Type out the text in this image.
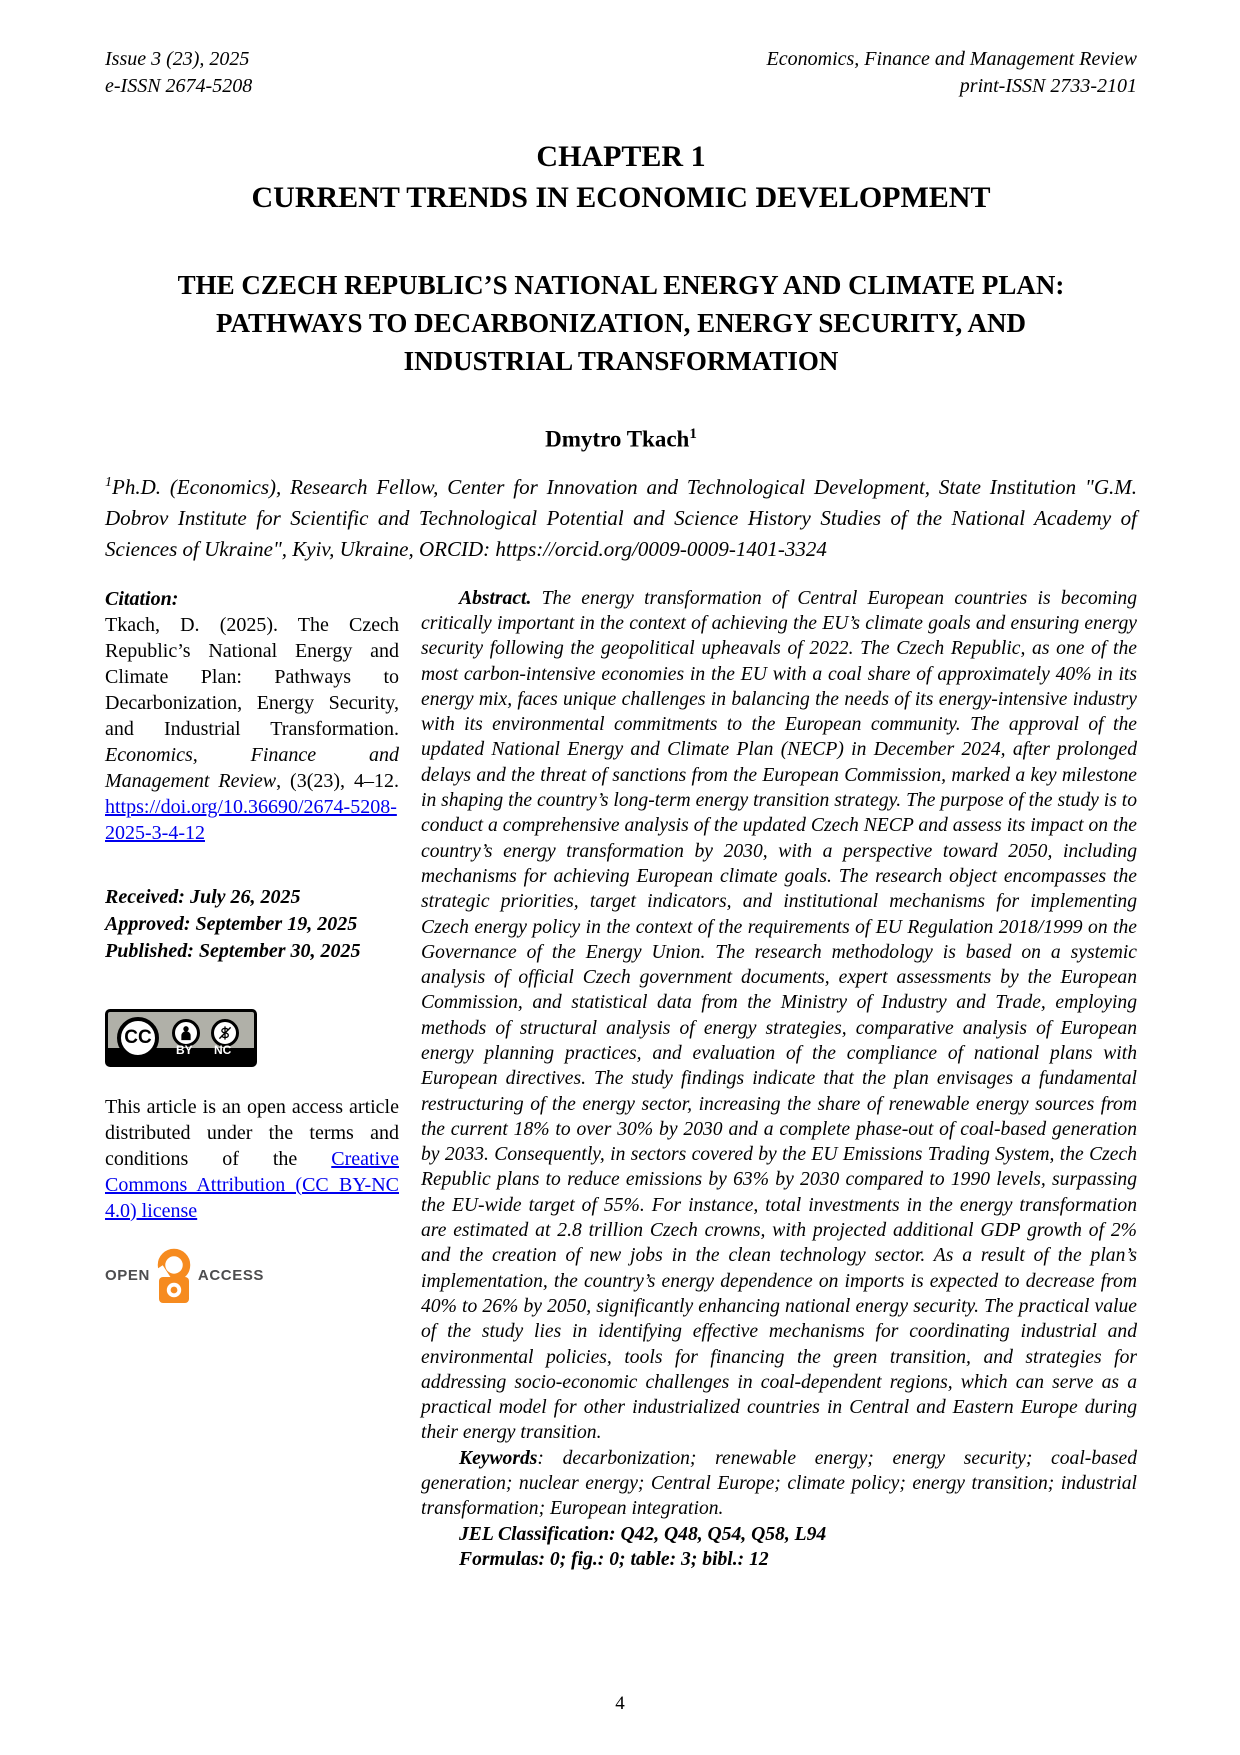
Issue 3 (23), 2025
e-ISSN 2674-5208
Economics, Finance and Management Review
print-ISSN 2733-2101
CHAPTER 1
CURRENT TRENDS IN ECONOMIC DEVELOPMENT
THE CZECH REPUBLIC’S NATIONAL ENERGY AND CLIMATE PLAN: PATHWAYS TO DECARBONIZATION, ENERGY SECURITY, AND INDUSTRIAL TRANSFORMATION
Dmytro Tkach$^1$

$^1$Ph.D. (Economics), Research Fellow, Center for Innovation and Technological Development, State Institution "G.M. Dobrov Institute for Scientific and Technological Potential and Science History Studies of the National Academy of Sciences of Ukraine", Kyiv, Ukraine, ORCID: https://orcid.org/0009-0009-1401-3324

Citation:

Tkach, D. (2025). The Czech Republic’s National Energy and Climate Plan: Pathways to Decarbonization, Energy Security, and Industrial Transformation. Economics, Finance and Management Review, (3(23), 4–12. https://doi.org/10.36690/2674-5208-2025-3-4-12

Received: July 26, 2025
Approved: September 19, 2025
Published: September 30, 2025
CC
BY NC

This article is an open access article distributed under the terms and conditions of the Creative Commons Attribution (CC BY-NC 4.0) license

OPEN	ACCESS

Abstract. The energy transformation of Central European countries is becoming critically important in the context of achieving the EU’s climate goals and ensuring energy security following the geopolitical upheavals of 2022. The Czech Republic, as one of the most carbon-intensive economies in the EU with a coal share of approximately 40% in its energy mix, faces unique challenges in balancing the needs of its energy-intensive industry with its environmental commitments to the European community. The approval of the updated National Energy and Climate Plan (NECP) in December 2024, after prolonged delays and the threat of sanctions from the European Commission, marked a key milestone in shaping the country’s long-term energy transition strategy. The purpose of the study is to conduct a comprehensive analysis of the updated Czech NECP and assess its impact on the country’s energy transformation by 2030, with a perspective toward 2050, including mechanisms for achieving European climate goals. The research object encompasses the strategic priorities, target indicators, and institutional mechanisms for implementing Czech energy policy in the context of the requirements of EU Regulation 2018/1999 on the Governance of the Energy Union. The research methodology is based on a systemic analysis of official Czech government documents, expert assessments by the European Commission, and statistical data from the Ministry of Industry and Trade, employing methods of structural analysis of energy strategies, comparative analysis of European energy planning practices, and evaluation of the compliance of national plans with European directives. The study findings indicate that the plan envisages a fundamental restructuring of the energy sector, increasing the share of renewable energy sources from the current 18% to over 30% by 2030 and a complete phase-out of coal-based generation by 2033. Consequently, in sectors covered by the EU Emissions Trading System, the Czech Republic plans to reduce emissions by 63% by 2030 compared to 1990 levels, surpassing the EU-wide target of 55%. For instance, total investments in the energy transformation are estimated at 2.8 trillion Czech crowns, with projected additional GDP growth of 2% and the creation of new jobs in the clean technology sector. As a result of the plan’s implementation, the country’s energy dependence on imports is expected to decrease from 40% to 26% by 2050, significantly enhancing national energy security. The practical value of the study lies in identifying effective mechanisms for coordinating industrial and environmental policies, tools for financing the green transition, and strategies for addressing socio-economic challenges in coal-dependent regions, which can serve as a practical model for other industrialized countries in Central and Eastern Europe during their energy transition.

Keywords: decarbonization; renewable energy; energy security; coal-based generation; nuclear energy; Central Europe; climate policy; energy transition; industrial transformation; European integration.

JEL Classification: Q42, Q48, Q54, Q58, L94

Formulas: 0; fig.: 0; table: 3; bibl.: 12

4
